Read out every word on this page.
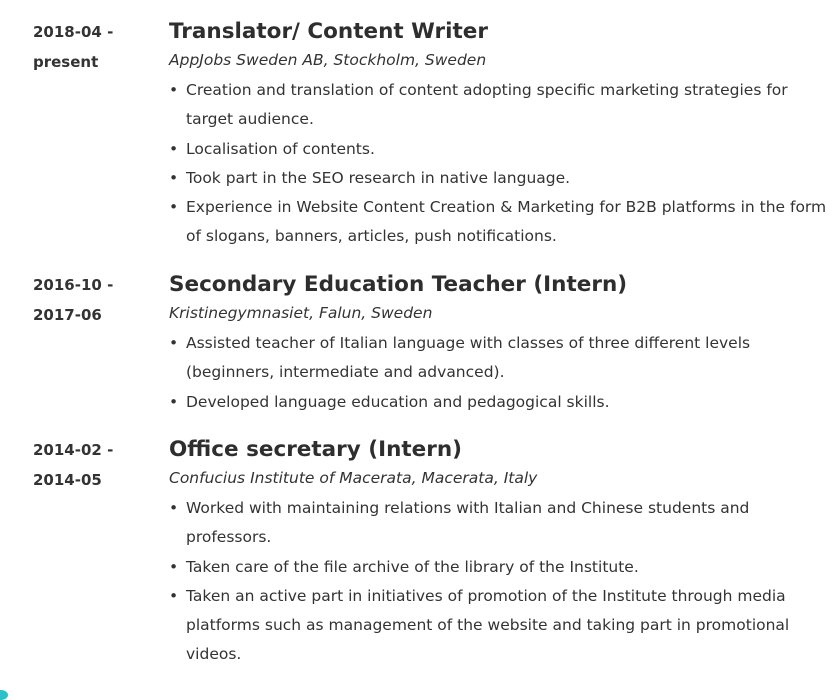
2018-04 -
present
Translator/ Content Writer
AppJobs Sweden AB, Stockholm, Sweden
• Creation and translation of content adopting specific marketing strategies for target audience.
• Localisation of contents.
• Took part in the SEO research in native language.
• Experience in Website Content Creation & Marketing for B2B platforms in the form of slogans, banners, articles, push notifications.
2016-10 -
2017-06
Secondary Education Teacher (Intern)
Kristinegymnasiet, Falun, Sweden
• Assisted teacher of Italian language with classes of three different levels (beginners, intermediate and advanced).
• Developed language education and pedagogical skills.
2014-02 -
2014-05
Office secretary (Intern)
Confucius Institute of Macerata, Macerata, Italy
• Worked with maintaining relations with Italian and Chinese students and professors.
• Taken care of the file archive of the library of the Institute.
• Taken an active part in initiatives of promotion of the Institute through media platforms such as management of the website and taking part in promotional videos.
